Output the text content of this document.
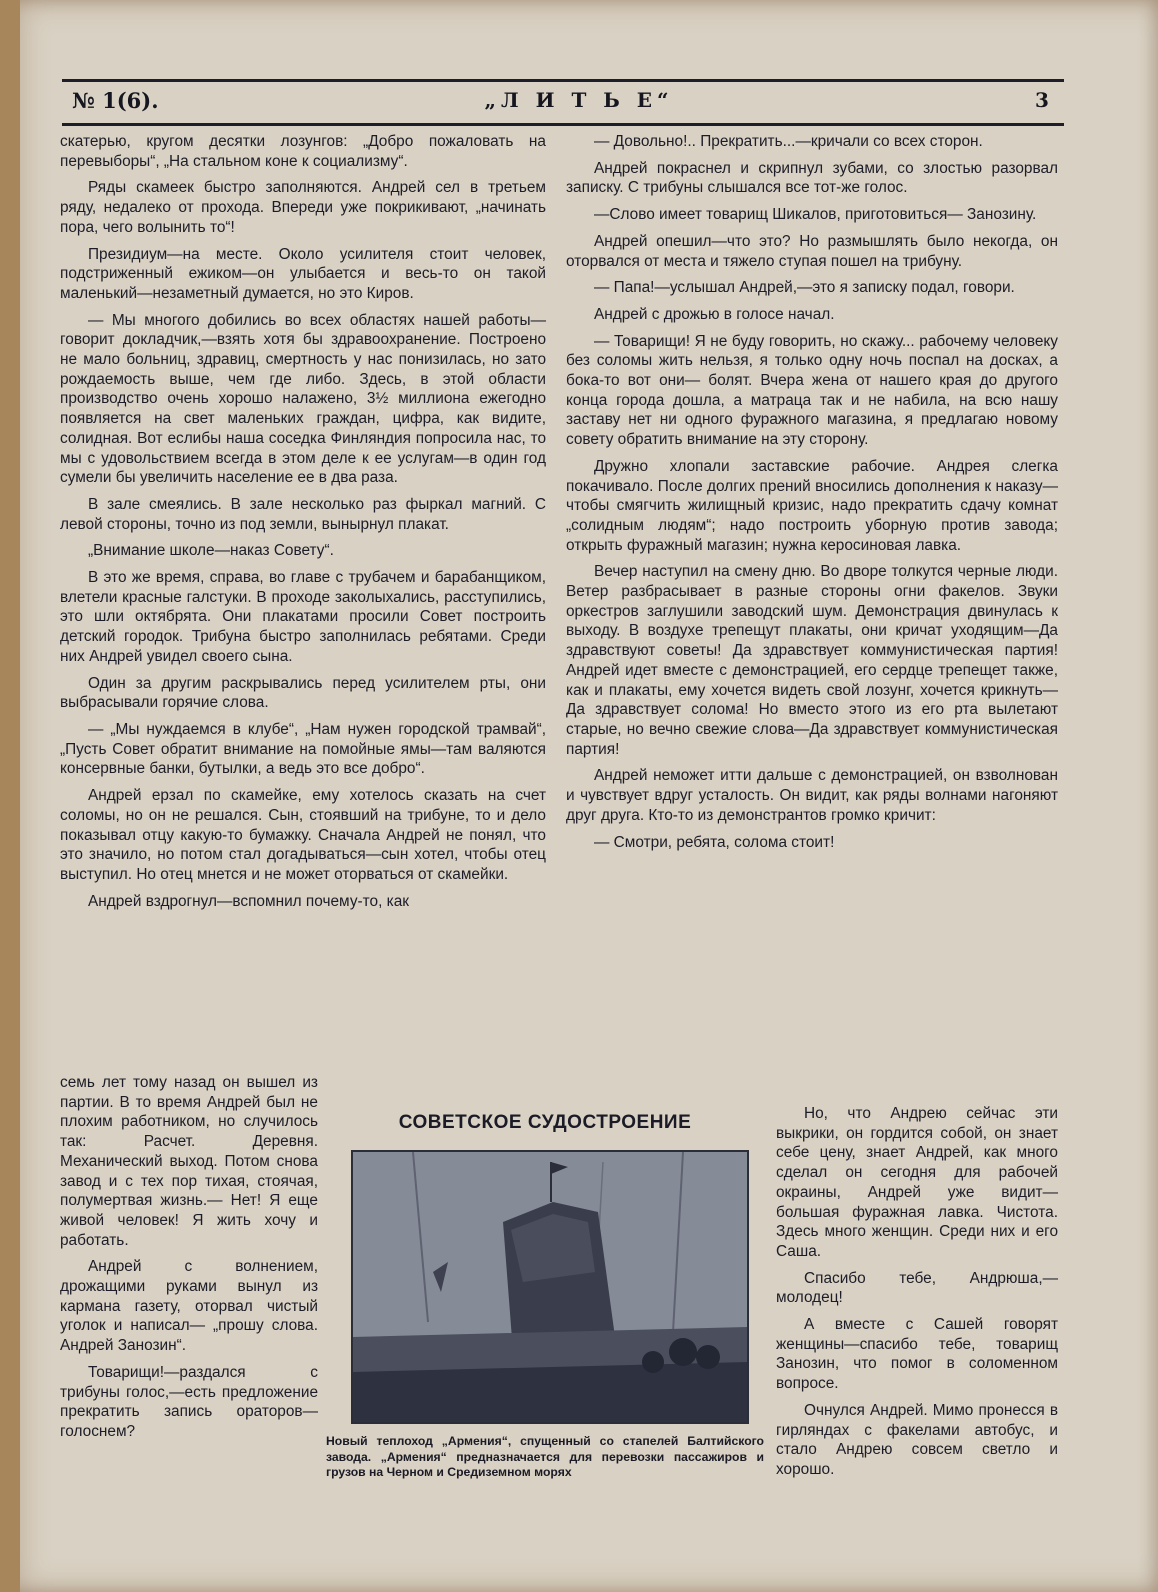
№ 1(6).	„Л И Т Ь Е“	3

скатерью, кругом десятки лозунгов: „Добро пожаловать на перевыборы“, „На стальном коне к социализму“.

Ряды скамеек быстро заполняются. Андрей сел в третьем ряду, недалеко от прохода. Впереди уже покрикивают, „начинать пора, чего волынить то“!

Президиум—на месте. Около усилителя стоит человек, подстриженный ежиком—он улыбается и весь-то он такой маленький—незаметный думается, но это Киров.

— Мы многого добились во всех областях нашей работы—говорит докладчик,—взять хотя бы здравоохранение. Построено не мало больниц, здравиц, смертность у нас понизилась, но зато рождаемость выше, чем где либо. Здесь, в этой области производство очень хорошо налажено, 3½ миллиона ежегодно появляется на свет маленьких граждан, цифра, как видите, солидная. Вот еслибы наша соседка Финляндия попросила нас, то мы с удовольствием всегда в этом деле к ее услугам—в один год сумели бы увеличить население ее в два раза.

В зале смеялись. В зале несколько раз фыркал магний. С левой стороны, точно из под земли, вынырнул плакат.

„Внимание школе—наказ Совету“.

В это же время, справа, во главе с трубачем и барабанщиком, влетели красные галстуки. В проходе заколыхались, расступились, это шли октябрята. Они плакатами просили Совет построить детский городок. Трибуна быстро заполнилась ребятами. Среди них Андрей увидел своего сына.

Один за другим раскрывались перед усилителем рты, они выбрасывали горячие слова.

— „Мы нуждаемся в клубе“, „Нам нужен городской трамвай“, „Пусть Совет обратит внимание на помойные ямы—там валяются консервные банки, бутылки, а ведь это все добро“.

Андрей ерзал по скамейке, ему хотелось сказать на счет соломы, но он не решался. Сын, стоявший на трибуне, то и дело показывал отцу какую-то бумажку. Сначала Андрей не понял, что это значило, но потом стал догадываться—сын хотел, чтобы отец выступил. Но отец мнется и не может оторваться от скамейки.

Андрей вздрогнул—вспомнил почему-то, как

семь лет тому назад он вышел из партии. В то время Андрей был не плохим работником, но случилось так: Расчет. Деревня. Механический выход. Потом снова завод и с тех пор тихая, стоячая, полумертвая жизнь.— Нет! Я еще живой человек! Я жить хочу и работать.

Андрей с волнением, дрожащими руками вынул из кармана газету, оторвал чистый уголок и написал— „прошу слова. Андрей Занозин“.

Товарищи!—раздался с трибуны голос,—есть предложение прекратить запись ораторов—голоснем?

— Довольно!.. Прекратить...—кричали со всех сторон.

Андрей покраснел и скрипнул зубами, со злостью разорвал записку. С трибуны слышался все тот-же голос.

—Слово имеет товарищ Шикалов, приготовиться— Занозину.

Андрей опешил—что это? Но размышлять было некогда, он оторвался от места и тяжело ступая пошел на трибуну.

— Папа!—услышал Андрей,—это я записку подал, говори.

Андрей с дрожью в голосе начал.

— Товарищи! Я не буду говорить, но скажу... рабочему человеку без соломы жить нельзя, я только одну ночь поспал на досках, а бока-то вот они— болят. Вчера жена от нашего края до другого конца города дошла, а матраца так и не набила, на всю нашу заставу нет ни одного фуражного магазина, я предлагаю новому совету обратить внимание на эту сторону.

Дружно хлопали заставские рабочие. Андрея слегка покачивало. После долгих прений вносились дополнения к наказу—чтобы смягчить жилищный кризис, надо прекратить сдачу комнат „солидным людям“; надо построить уборную против завода; открыть фуражный магазин; нужна керосиновая лавка.

Вечер наступил на смену дню. Во дворе толкутся черные люди. Ветер разбрасывает в разные стороны огни факелов. Звуки оркестров заглушили заводский шум. Демонстрация двинулась к выходу. В воздухе трепещут плакаты, они кричат уходящим—Да здравствуют советы! Да здравствует коммунистическая партия! Андрей идет вместе с демонстрацией, его сердце трепещет также, как и плакаты, ему хочется видеть свой лозунг, хочется крикнуть— Да здравствует солома! Но вместо этого из его рта вылетают старые, но вечно свежие слова—Да здравствует коммунистическая партия!

Андрей неможет итти дальше с демонстрацией, он взволнован и чувствует вдруг усталость. Он видит, как ряды волнами нагоняют друг друга. Кто-то из демонстрантов громко кричит:

— Смотри, ребята, солома стоит!

Но, что Андрею сейчас эти выкрики, он гордится собой, он знает себе цену, знает Андрей, как много сделал он сегодня для рабочей окраины, Андрей уже видит— большая фуражная лавка. Чистота. Здесь много женщин. Среди них и его Саша.

Спасибо тебе, Андрюша,— молодец!

А вместе с Сашей говорят женщины—спасибо тебе, товарищ Занозин, что помог в соломенном вопросе.

Очнулся Андрей. Мимо пронесся в гирляндах с факелами автобус, и стало Андрею совсем светло и хорошо.

СОВЕТСКОЕ СУДОСТРОЕНИЕ
Новый теплоход „Армения“, спущенный со стапелей Балтийского завода. „Армения“ предназначается для перевозки пассажиров и грузов на Черном и Средиземном морях
